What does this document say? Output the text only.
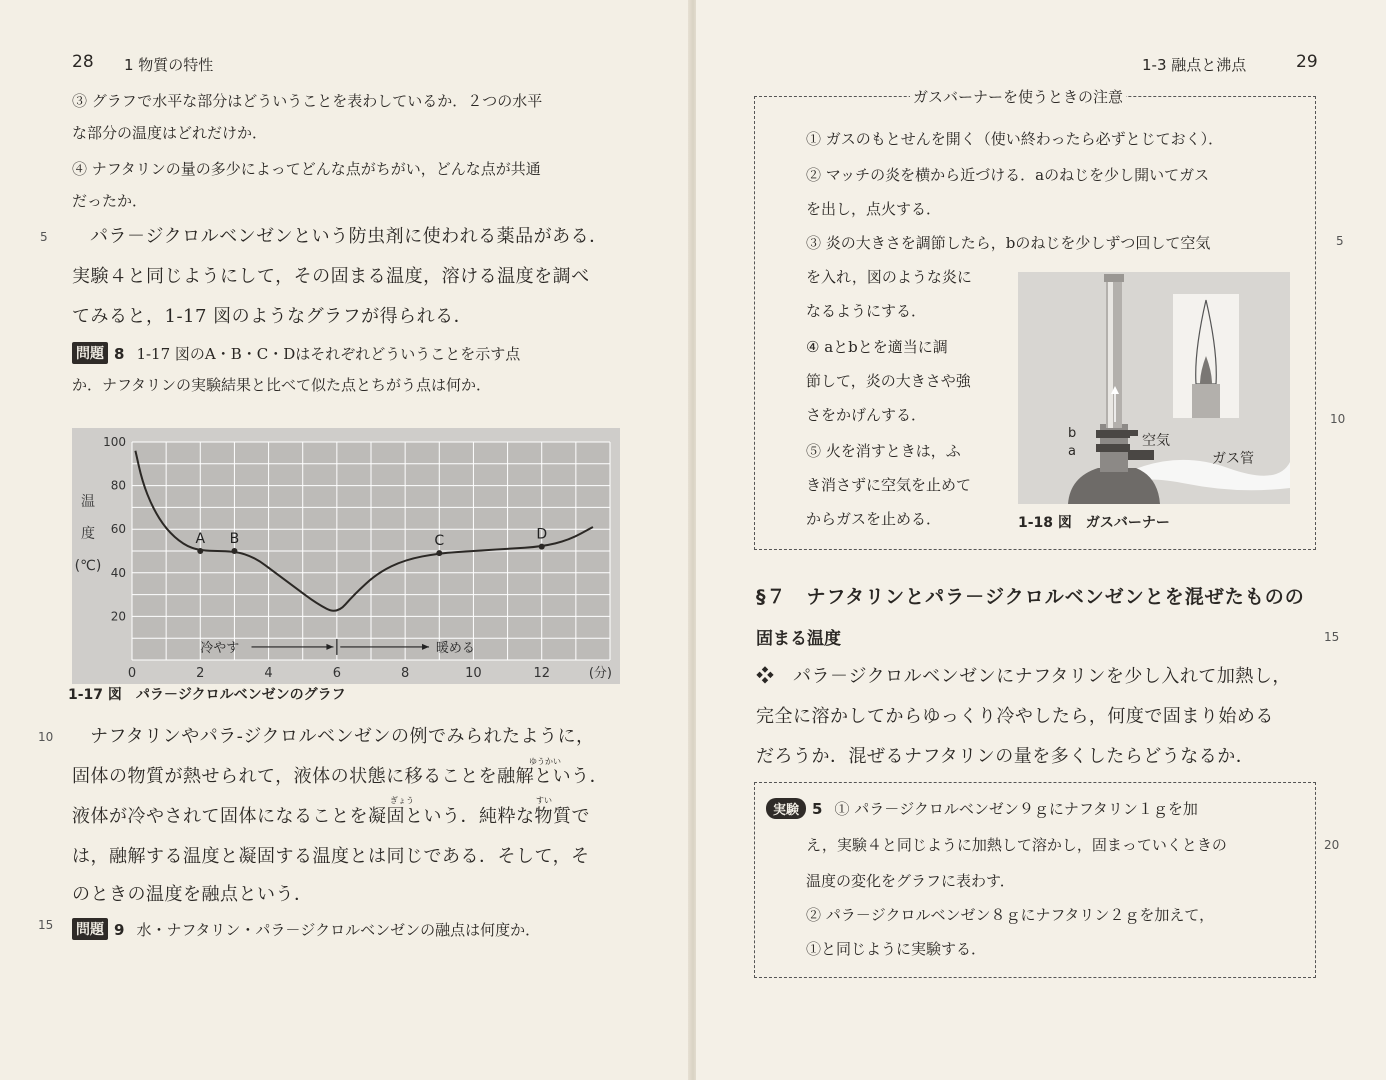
28 1 物質の特性
③ グラフで水平な部分はどういうことを表わしているか．２つの水平
な部分の温度はどれだけか．
④ ナフタリンの量の多少によってどんな点がちがい，どんな点が共通
だったか．
5 パラ－ジクロルベンゼンという防虫剤に使われる薬品がある．
実験４と同じようにして，その固まる温度，溶ける温度を調べ
てみると，1-17 図のようなグラフが得られる．
問題 8 1-17 図のA・B・C・Dはそれぞれどういうことを示す点
か．ナフタリンの実験結果と比べて似た点とちがう点は何か．
20
40
60
80
100
0	2	4	6	8	10	12	(分)
温
度
(℃)
A B	C	D
冷やす	暖める
1-17 図　パラ－ジクロルベンゼンのグラフ
10 ナフタリンやパラ-ジクロルベンゼンの例でみられたように，
ゆうかい
固体の物質が熱せられて，液体の状態に移ることを融解という．
ぎょう	すい
液体が冷やされて固体になることを凝固という．純粋な物質で
は，融解する温度と凝固する温度とは同じである．そして，そ
のときの温度を融点という．
15 問題 9 水・ナフタリン・パラ－ジクロルベンゼンの融点は何度か．
1-3 融点と沸点	29
ガスバーナーを使うときの注意
① ガスのもとせんを開く（使い終わったら必ずとじておく）．
② マッチの炎を横から近づける．aのねじを少し開いてガス
を出し，点火する．
③ 炎の大きさを調節したら，bのねじを少しずつ回して空気
を入れ，図のような炎に
なるようにする．
④ aとbとを適当に調
節して，炎の大きさや強
さをかげんする．
⑤ 火を消すときは，ふ
き消さずに空気を止めて
からガスを止める．
b
a
空気
ガス管
1-18 図　ガスバーナー
5
10
§７　ナフタリンとパラ－ジクロルベンゼンとを混ぜたものの
固まる温度	15
❖　パラ－ジクロルベンゼンにナフタリンを少し入れて加熱し，
完全に溶かしてからゆっくり冷やしたら，何度で固まり始める
だろうか．混ぜるナフタリンの量を多くしたらどうなるか．
実験 5 ① パラ－ジクロルベンゼン９ｇにナフタリン１ｇを加
え，実験４と同じように加熱して溶かし，固まっていくときの
温度の変化をグラフに表わす．
② パラ－ジクロルベンゼン８ｇにナフタリン２ｇを加えて，
①と同じように実験する．
20
